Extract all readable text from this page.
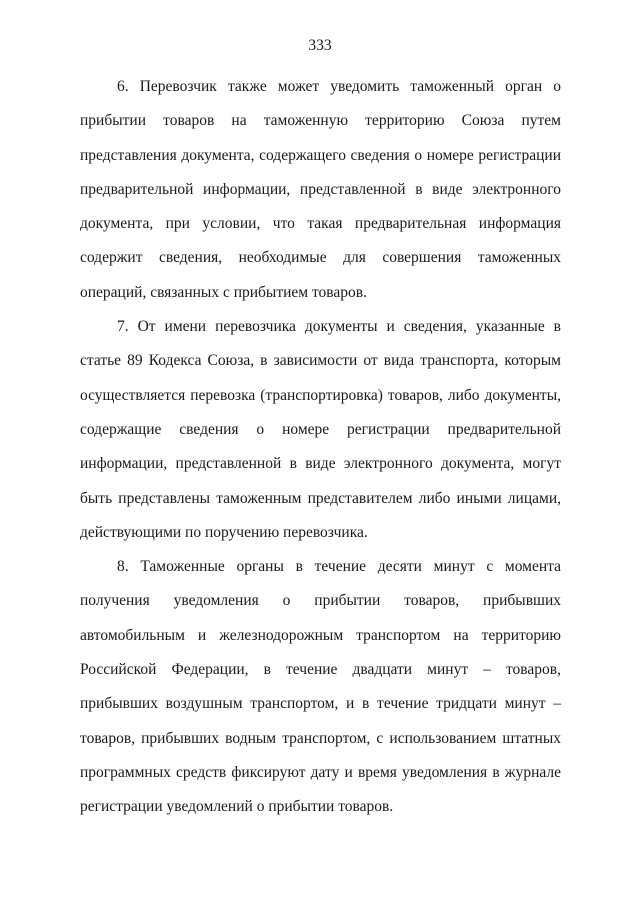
333

6. Перевозчик также может уведомить таможенный орган о прибытии товаров на таможенную территорию Союза путем представления документа, содержащего сведения о номере регистрации предварительной информации, представленной в виде электронного документа, при условии, что такая предварительная информация содержит сведения, необходимые для совершения таможенных операций, связанных с прибытием товаров.

7. От имени перевозчика документы и сведения, указанные в статье 89 Кодекса Союза, в зависимости от вида транспорта, которым осуществляется перевозка (транспортировка) товаров, либо документы, содержащие сведения о номере регистрации предварительной информации, представленной в виде электронного документа, могут быть представлены таможенным представителем либо иными лицами, действующими по поручению перевозчика.

8. Таможенные органы в течение десяти минут с момента получения уведомления о прибытии товаров, прибывших автомобильным и железнодорожным транспортом на территорию Российской Федерации, в течение двадцати минут – товаров, прибывших воздушным транспортом, и в течение тридцати минут – товаров, прибывших водным транспортом, с использованием штатных программных средств фиксируют дату и время уведомления в журнале регистрации уведомлений о прибытии товаров.
